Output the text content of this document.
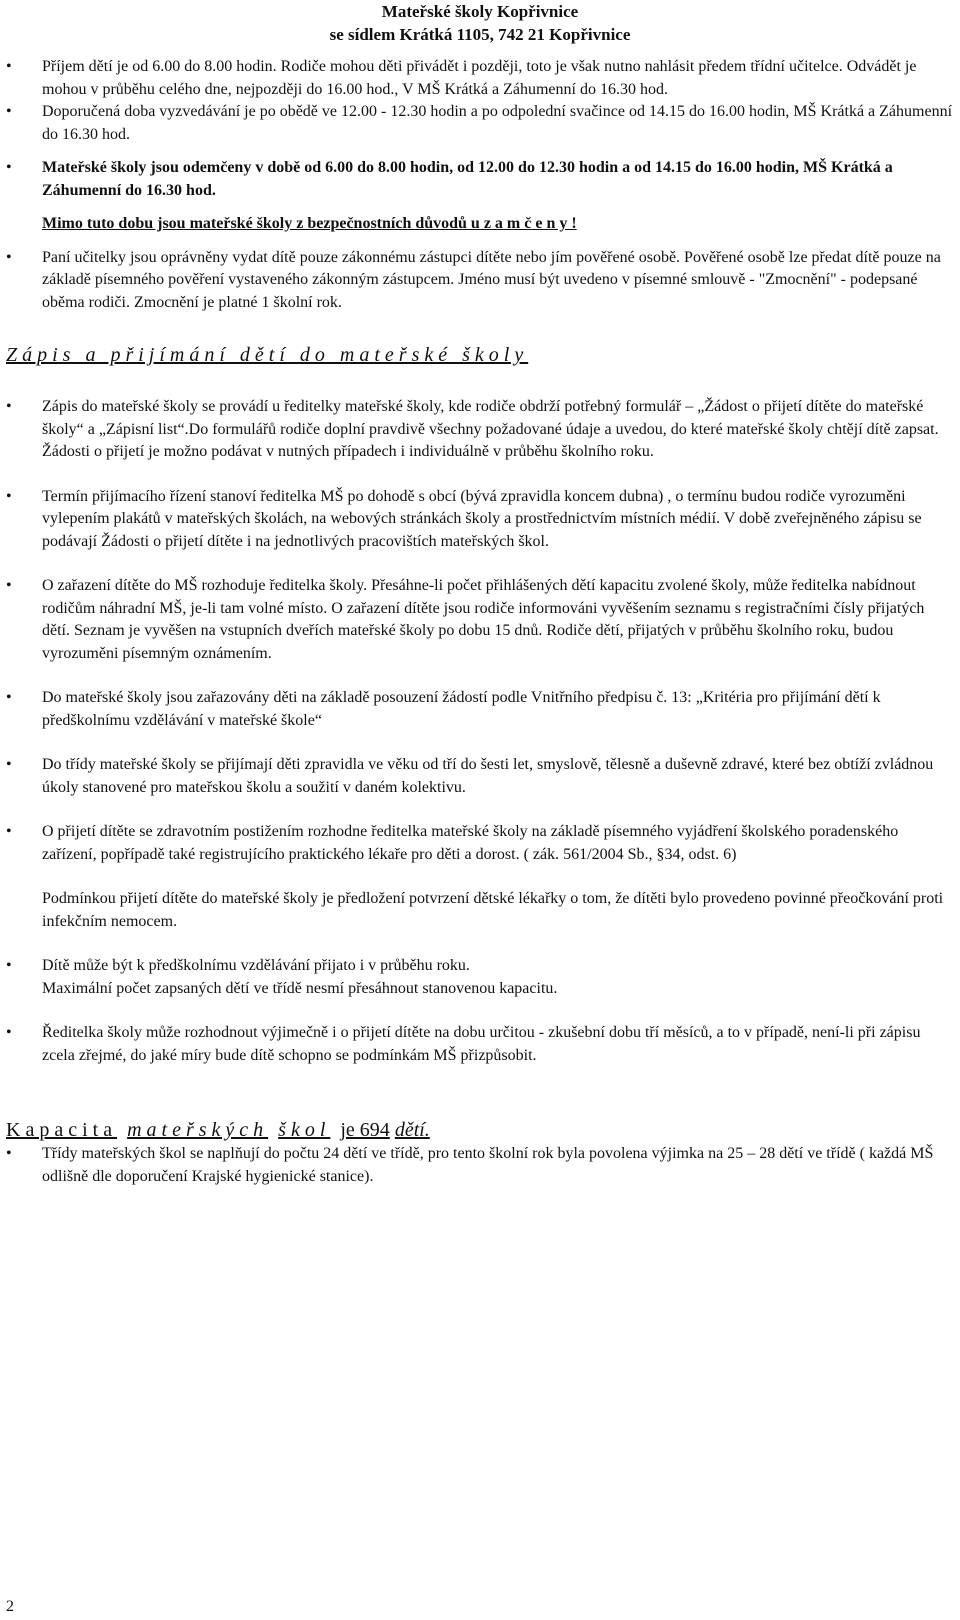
Mateřské školy Kopřivnice
se sídlem Krátká 1105, 742 21 Kopřivnice
• Příjem dětí je od 6.00 do 8.00 hodin. Rodiče mohou děti přivádět i později, toto je však nutno nahlásit předem třídní učitelce. Odvádět je mohou v průběhu celého dne, nejpozději do 16.00 hod., V MŠ Krátká a Záhumenní do 16.30 hod.
• Doporučená doba vyzvedávání je po obědě ve 12.00 - 12.30 hodin a po odpolední svačince od 14.15 do 16.00 hodin, MŠ Krátká a Záhumenní do 16.30 hod.
• Mateřské školy jsou odemčeny v době od 6.00 do 8.00 hodin, od 12.00 do 12.30 hodin a od 14.15 do 16.00 hodin, MŠ Krátká a Záhumenní do 16.30 hod.

Mimo tuto dobu jsou mateřské školy z bezpečnostních důvodů u z a m č e n y !

• Paní učitelky jsou oprávněny vydat dítě pouze zákonnému zástupci dítěte nebo jím pověřené osobě. Pověřené osobě lze předat dítě pouze na základě písemného pověření vystaveného zákonným zástupcem. Jméno musí být uvedeno v písemné smlouvě - "Zmocnění" - podepsané oběma rodiči. Zmocnění je platné 1 školní rok.

Zápis a přijímání dětí do mateřské školy

• Zápis do mateřské školy se provádí u ředitelky mateřské školy, kde rodiče obdrží potřebný formulář – „Žádost o přijetí dítěte do mateřské školy“ a „Zápisní list“.Do formulářů rodiče doplní pravdivě všechny požadované údaje a uvedou, do které mateřské školy chtějí dítě zapsat.
Žádosti o přijetí je možno podávat v nutných případech i individuálně v průběhu školního roku.
• Termín přijímacího řízení stanoví ředitelka MŠ po dohodě s obcí (bývá zpravidla koncem dubna) , o termínu budou rodiče vyrozuměni vylepením plakátů v mateřských školách, na webových stránkách školy a prostřednictvím místních médií. V době zveřejněného zápisu se podávají Žádosti o přijetí dítěte i na jednotlivých pracovištích mateřských škol.
• O zařazení dítěte do MŠ rozhoduje ředitelka školy. Přesáhne-li počet přihlášených dětí kapacitu zvolené školy, může ředitelka nabídnout rodičům náhradní MŠ, je-li tam volné místo. O zařazení dítěte jsou rodiče informováni vyvěšením seznamu s registračními čísly přijatých dětí. Seznam je vyvěšen na vstupních dveřích mateřské školy po dobu 15 dnů. Rodiče dětí, přijatých v průběhu školního roku, budou vyrozuměni písemným oznámením.
• Do mateřské školy jsou zařazovány děti na základě posouzení žádostí podle Vnitřního předpisu č. 13: „Kritéria pro přijímání dětí k předškolnímu vzdělávání v mateřské škole“
• Do třídy mateřské školy se přijímají děti zpravidla ve věku od tří do šesti let, smyslově, tělesně a duševně zdravé, které bez obtíží zvládnou úkoly stanovené pro mateřskou školu a soužití v daném kolektivu.
• O přijetí dítěte se zdravotním postižením rozhodne ředitelka mateřské školy na základě písemného vyjádření školského poradenského zařízení, popřípadě také registrujícího praktického lékaře pro děti a dorost. ( zák. 561/2004 Sb., §34, odst. 6)

Podmínkou přijetí dítěte do mateřské školy je předložení potvrzení dětské lékařky o tom, že dítěti bylo provedeno povinné přeočkování proti infekčním nemocem.

• Dítě může být k předškolnímu vzdělávání přijato i v průběhu roku.
Maximální počet zapsaných dětí ve třídě nesmí přesáhnout stanovenou kapacitu.
• Ředitelka školy může rozhodnout výjimečně i o přijetí dítěte na dobu určitou - zkušební dobu tří měsíců, a to v případě, není-li při zápisu zcela zřejmé, do jaké míry bude dítě schopno se podmínkám MŠ přizpůsobit.

Kapacita mateřských škol je 694 dětí.

• Třídy mateřských škol se naplňují do počtu 24 dětí ve třídě, pro tento školní rok byla povolena výjimka na 25 – 28 dětí ve třídě ( každá MŠ odlišně dle doporučení Krajské hygienické stanice).
2
